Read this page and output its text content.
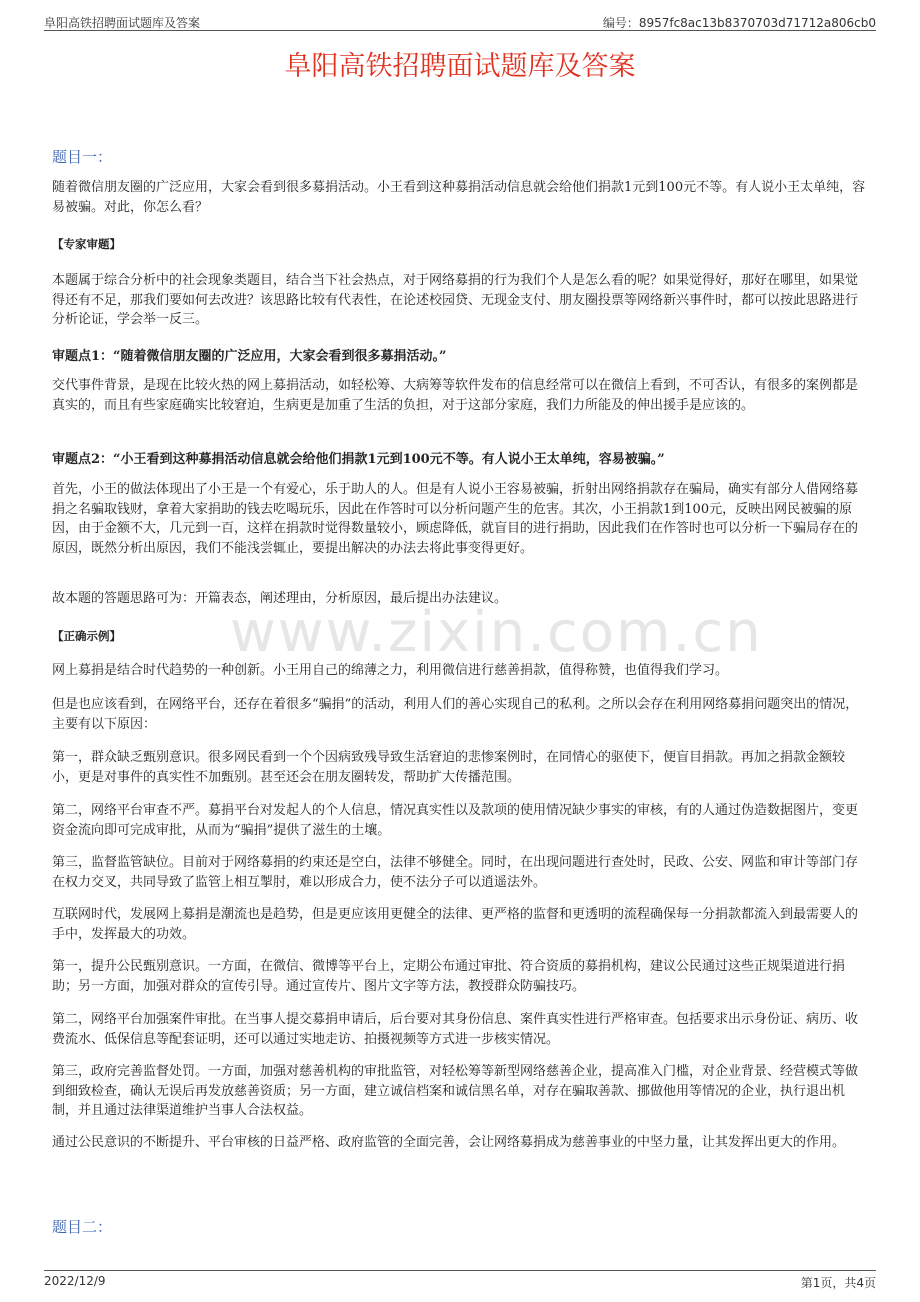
阜阳高铁招聘面试题库及答案	编号：8957fc8ac13b8370703d71712a806cb0
阜阳高铁招聘面试题库及答案
题目一：
随着微信朋友圈的广泛应用，大家会看到很多募捐活动。小王看到这种募捐活动信息就会给他们捐款1元到100元不等。有人说小王太单纯，容易被骗。对此，你怎么看？
【专家审题】
本题属于综合分析中的社会现象类题目，结合当下社会热点，对于网络募捐的行为我们个人是怎么看的呢？如果觉得好，那好在哪里，如果觉得还有不足，那我们要如何去改进？该思路比较有代表性，在论述校园贷、无现金支付、朋友圈投票等网络新兴事件时，都可以按此思路进行分析论证，学会举一反三。
审题点1：“随着微信朋友圈的广泛应用，大家会看到很多募捐活动。”
交代事件背景，是现在比较火热的网上募捐活动，如轻松筹、大病筹等软件发布的信息经常可以在微信上看到，不可否认，有很多的案例都是真实的，而且有些家庭确实比较窘迫，生病更是加重了生活的负担，对于这部分家庭，我们力所能及的伸出援手是应该的。
审题点2：“小王看到这种募捐活动信息就会给他们捐款1元到100元不等。有人说小王太单纯，容易被骗。”
首先，小王的做法体现出了小王是一个有爱心，乐于助人的人。但是有人说小王容易被骗，折射出网络捐款存在骗局，确实有部分人借网络募捐之名骗取钱财，拿着大家捐助的钱去吃喝玩乐，因此在作答时可以分析问题产生的危害。其次，小王捐款1到100元，反映出网民被骗的原因，由于金额不大，几元到一百，这样在捐款时觉得数量较小，顾虑降低，就盲目的进行捐助，因此我们在作答时也可以分析一下骗局存在的原因，既然分析出原因，我们不能浅尝辄止，要提出解决的办法去将此事变得更好。
故本题的答题思路可为：开篇表态，阐述理由，分析原因，最后提出办法建议。
【正确示例】
网上募捐是结合时代趋势的一种创新。小王用自己的绵薄之力，利用微信进行慈善捐款，值得称赞，也值得我们学习。
但是也应该看到，在网络平台，还存在着很多“骗捐”的活动，利用人们的善心实现自己的私利。之所以会存在利用网络募捐问题突出的情况，主要有以下原因：
第一，群众缺乏甄别意识。很多网民看到一个个因病致残导致生活窘迫的悲惨案例时，在同情心的驱使下，便盲目捐款。再加之捐款金额较小，更是对事件的真实性不加甄别。甚至还会在朋友圈转发，帮助扩大传播范围。
第二，网络平台审查不严。募捐平台对发起人的个人信息，情况真实性以及款项的使用情况缺少事实的审核，有的人通过伪造数据图片，变更资金流向即可完成审批，从而为“骗捐”提供了滋生的土壤。
第三，监督监管缺位。目前对于网络募捐的约束还是空白，法律不够健全。同时，在出现问题进行查处时，民政、公安、网监和审计等部门存在权力交叉，共同导致了监管上相互掣肘，难以形成合力，使不法分子可以逍遥法外。
互联网时代，发展网上募捐是潮流也是趋势，但是更应该用更健全的法律、更严格的监督和更透明的流程确保每一分捐款都流入到最需要人的手中，发挥最大的功效。
第一，提升公民甄别意识。一方面，在微信、微博等平台上，定期公布通过审批、符合资质的募捐机构，建议公民通过这些正规渠道进行捐助；另一方面，加强对群众的宣传引导。通过宣传片、图片文字等方法，教授群众防骗技巧。
第二，网络平台加强案件审批。在当事人提交募捐申请后，后台要对其身份信息、案件真实性进行严格审查。包括要求出示身份证、病历、收费流水、低保信息等配套证明，还可以通过实地走访、拍摄视频等方式进一步核实情况。
第三，政府完善监督处罚。一方面，加强对慈善机构的审批监管，对轻松筹等新型网络慈善企业，提高准入门槛，对企业背景、经营模式等做到细致检查，确认无误后再发放慈善资质；另一方面，建立诚信档案和诚信黑名单，对存在骗取善款、挪做他用等情况的企业，执行退出机制，并且通过法律渠道维护当事人合法权益。
通过公民意识的不断提升、平台审核的日益严格、政府监管的全面完善，会让网络募捐成为慈善事业的中坚力量，让其发挥出更大的作用。
www.zixin.com.cn
题目二：
2022/12/9	第1页，共4页
